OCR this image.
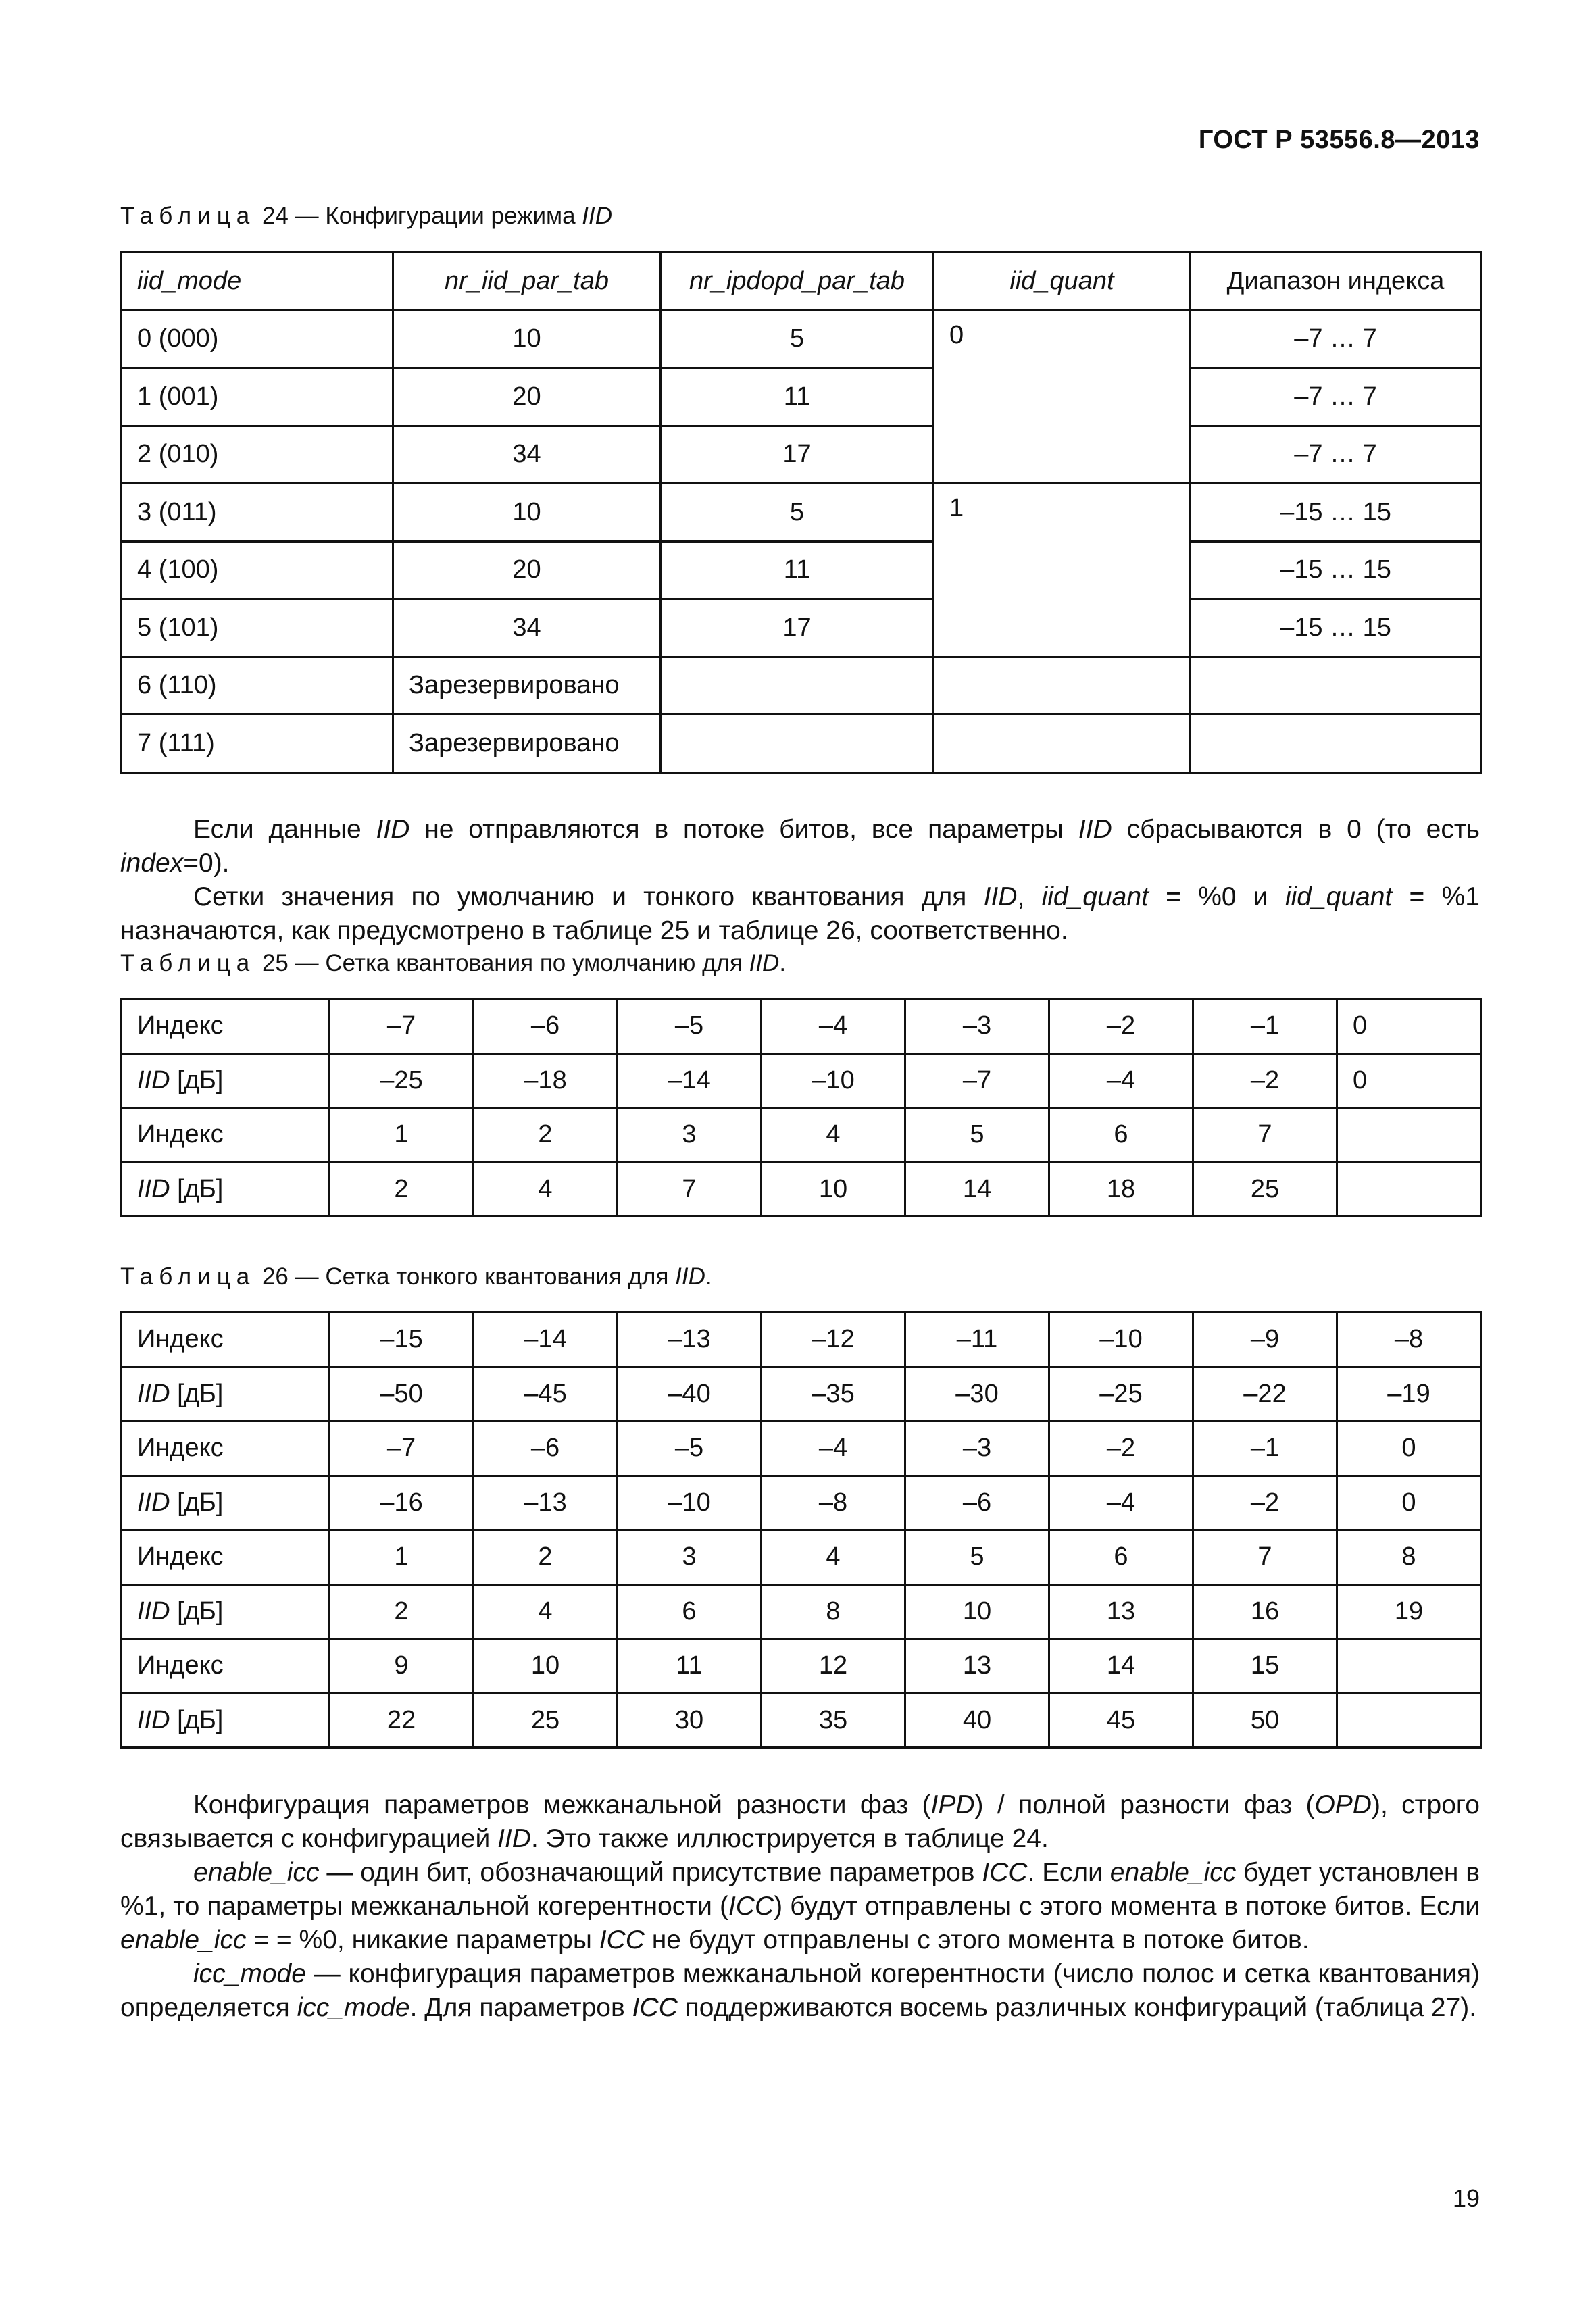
ГОСТ Р 53556.8—2013
Таблица 24 — Конфигурации режима IID
iid_mode	nr_iid_par_tab	nr_ipdopd_par_tab	iid_quant	Диапазон индекса
0 (000)	10	5	0	–7 … 7
1 (001)	20	11		–7 … 7
2 (010)	34	17		–7 … 7
3 (011)	10	5	1	–15 … 15
4 (100)	20	11		–15 … 15
5 (101)	34	17		–15 … 15
6 (110)	Зарезервировано			
7 (111)	Зарезервировано			

Если данные IID не отправляются в потоке битов, все параметры IID сбрасываются в 0 (то есть index=0).

Сетки значения по умолчанию и тонкого квантования для IID, iid_quant = %0 и iid_quant = %1 назначаются, как предусмотрено в таблице 25 и таблице 26, соответственно.

Таблица 25 — Сетка квантования по умолчанию для IID.
Индекс	–7	–6	–5	–4	–3	–2	–1	0
IID [дБ]	–25	–18	–14	–10	–7	–4	–2	0
Индекс	1	2	3	4	5	6	7	
IID [дБ]	2	4	7	10	14	18	25	
Таблица 26 — Сетка тонкого квантования для IID.
Индекс	–15	–14	–13	–12	–11	–10	–9	–8
IID [дБ]	–50	–45	–40	–35	–30	–25	–22	–19
Индекс	–7	–6	–5	–4	–3	–2	–1	0
IID [дБ]	–16	–13	–10	–8	–6	–4	–2	0
Индекс	1	2	3	4	5	6	7	8
IID [дБ]	2	4	6	8	10	13	16	19
Индекс	9	10	11	12	13	14	15	
IID [дБ]	22	25	30	35	40	45	50	

Конфигурация параметров межканальной разности фаз (IPD) / полной разности фаз (OPD), строго связывается с конфигурацией IID. Это также иллюстрируется в таблице 24.

enable_icc — один бит, обозначающий присутствие параметров ICC. Если enable_icc будет установлен в %1, то параметры межканальной когерентности (ICC) будут отправлены с этого момента в потоке битов. Если enable_icc = = %0, никакие параметры ICC не будут отправлены с этого момента в потоке битов.

icc_mode — конфигурация параметров межканальной когерентности (число полос и сетка квантования) определяется icc_mode. Для параметров ICC поддерживаются восемь различных конфигураций (таблица 27).

19
